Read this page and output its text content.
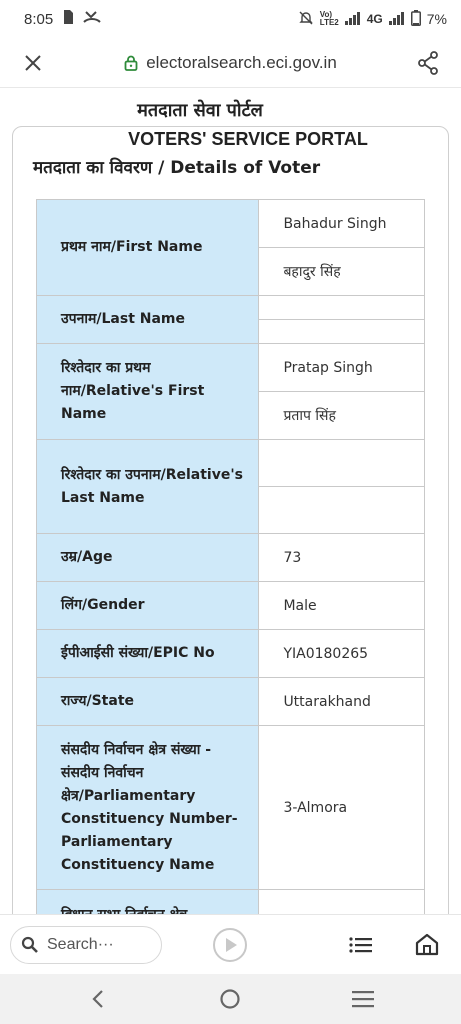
8:05	Vo)
LTE2 4G	7%
electoralsearch.eci.gov.in
मतदाता सेवा पोर्टल
VOTERS' SERVICE PORTAL
मतदाता का विवरण / Details of Voter
प्रथम नाम/First Name	Bahadur Singh
	बहादुर सिंह
उपनाम/Last Name	

रिश्तेदार का प्रथम नाम/Relative's First Name	Pratap Singh
	प्रताप सिंह
रिश्तेदार का उपनाम/Relative's Last Name	

उम्र/Age	73
लिंग/Gender	Male
ईपीआईसी संख्या/EPIC No	YIA0180265
राज्य/State	Uttarakhand
संसदीय निर्वाचन क्षेत्र संख्या - संसदीय निर्वाचन क्षेत्र/Parliamentary Constituency Number-Parliamentary Constituency Name	3-Almora

Search···
